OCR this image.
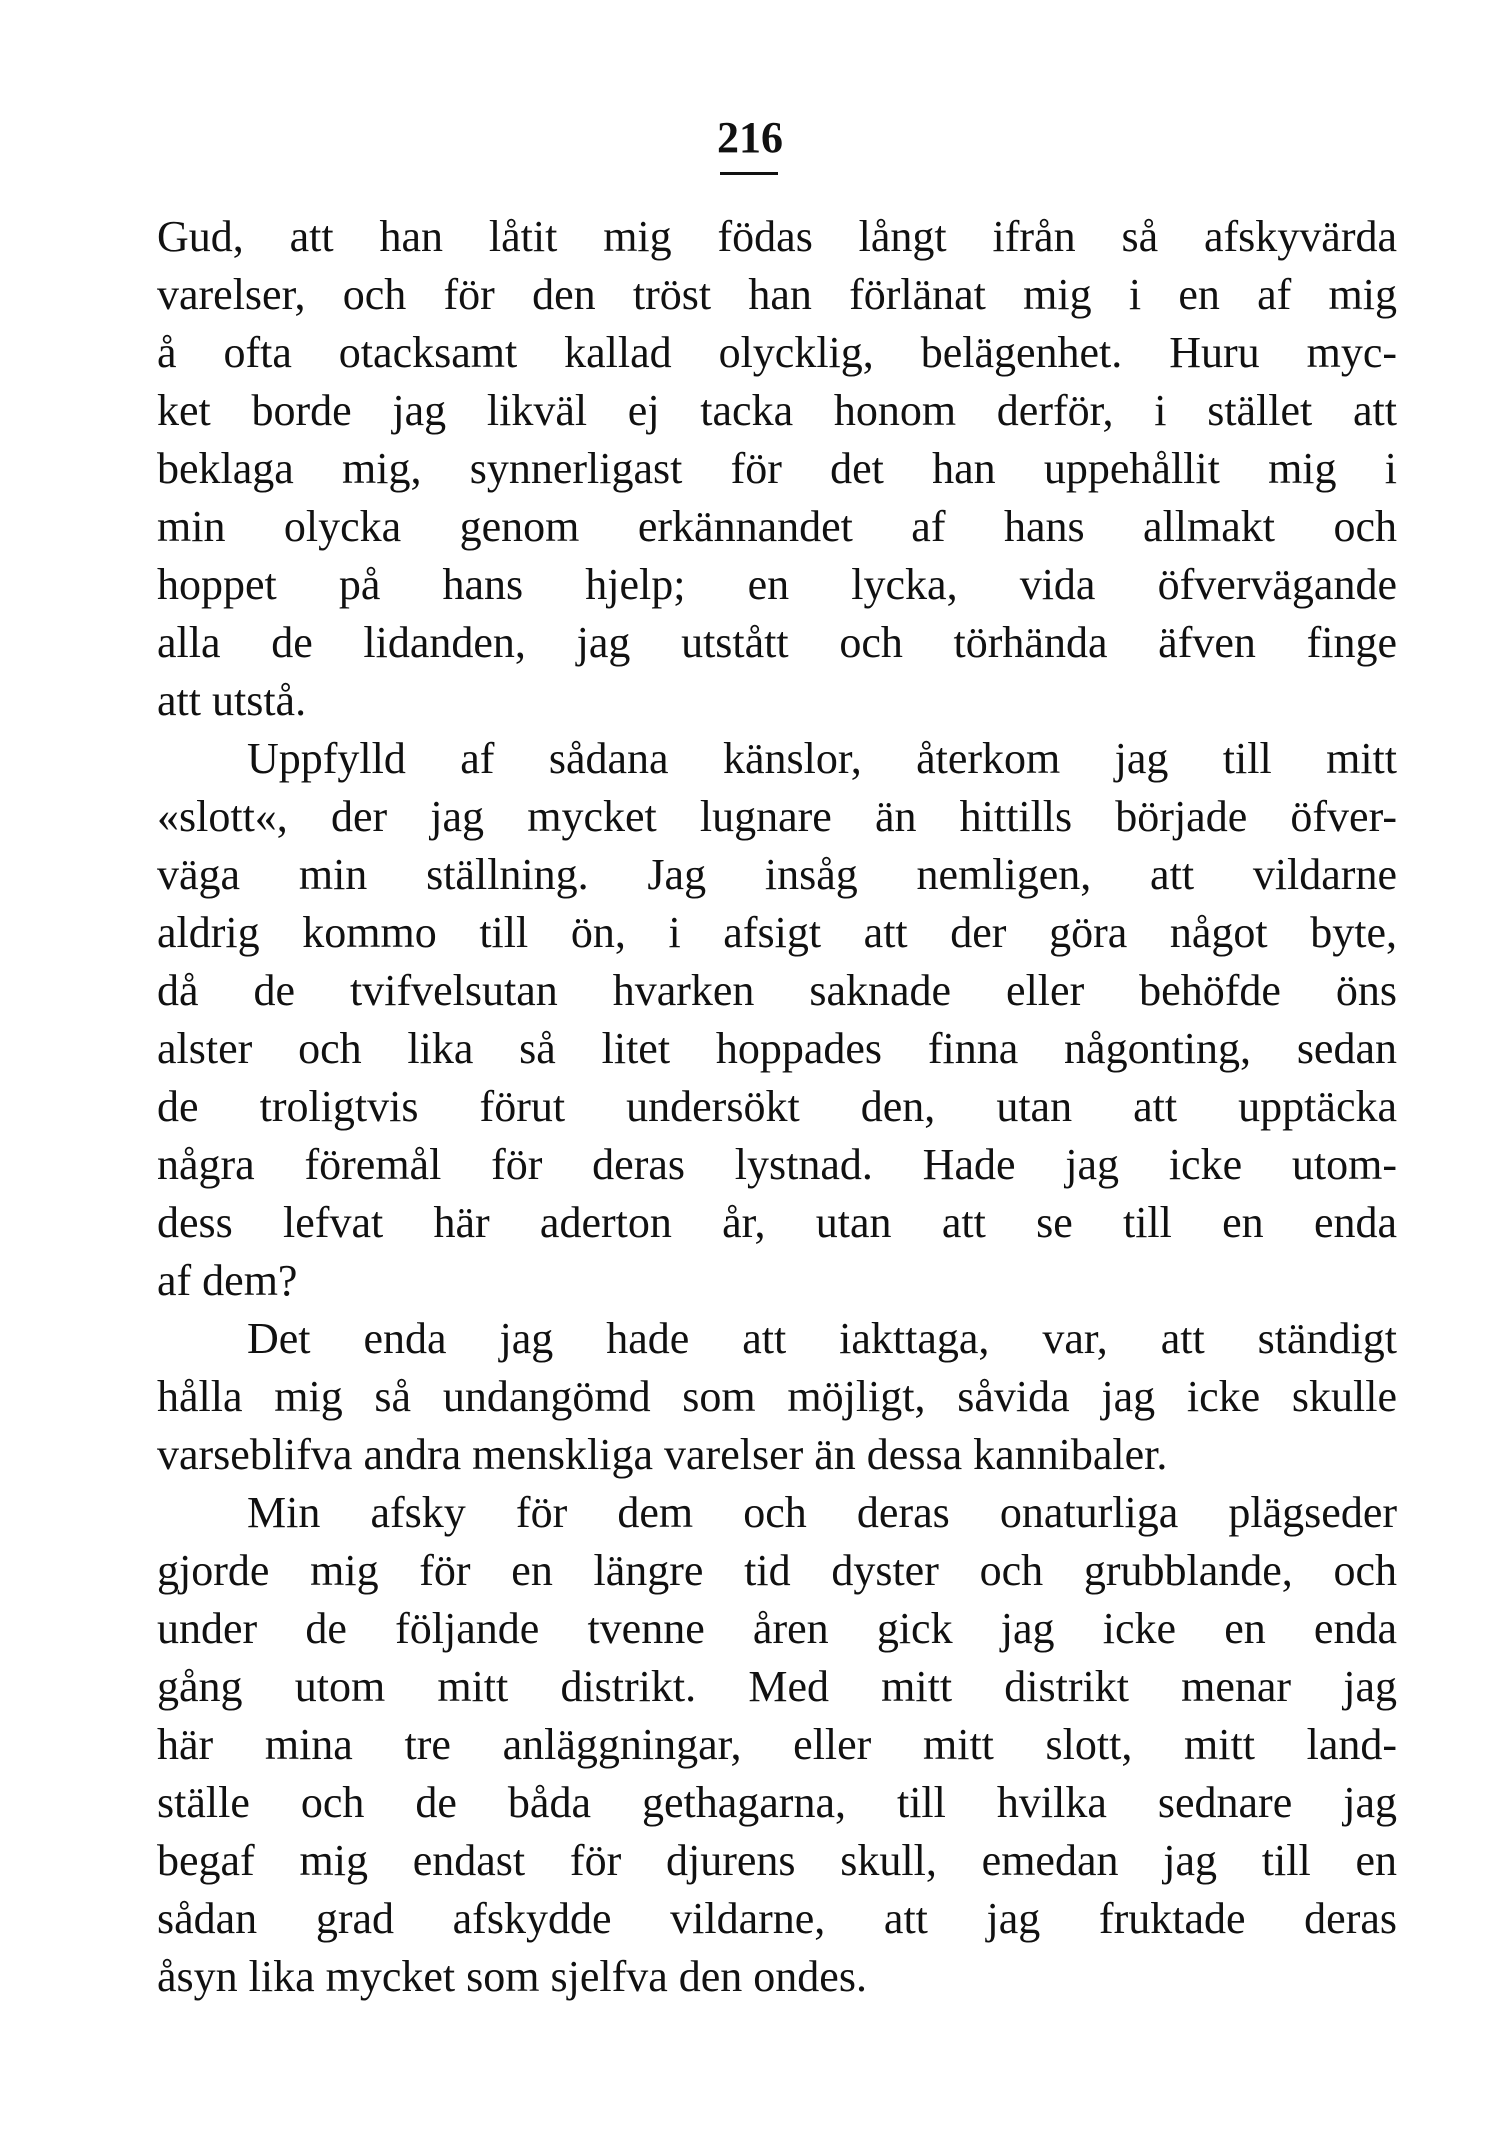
216
Gud, att han låtit mig födas långt ifrån så afskyvärda
varelser, och för den tröst han förlänat mig i en af mig
å ofta otacksamt kallad olycklig, belägenhet. Huru myc-
ket borde jag likväl ej tacka honom derför, i stället att
beklaga mig, synnerligast för det han uppehållit mig i
min olycka genom erkännandet af hans allmakt och
hoppet på hans hjelp; en lycka, vida öfvervägande
alla de lidanden, jag utstått och törhända äfven finge
att utstå.
Uppfylld af sådana känslor, återkom jag till mitt
«slott«, der jag mycket lugnare än hittills började öfver-
väga min ställning. Jag insåg nemligen, att vildarne
aldrig kommo till ön, i afsigt att der göra något byte,
då de tvifvelsutan hvarken saknade eller behöfde öns
alster och lika så litet hoppades finna någonting, sedan
de troligtvis förut undersökt den, utan att upptäcka
några föremål för deras lystnad. Hade jag icke utom-
dess lefvat här aderton år, utan att se till en enda
af dem?
Det enda jag hade att iakttaga, var, att ständigt
hålla mig så undangömd som möjligt, såvida jag icke skulle
varseblifva andra menskliga varelser än dessa kannibaler.
Min afsky för dem och deras onaturliga plägseder
gjorde mig för en längre tid dyster och grubblande, och
under de följande tvenne åren gick jag icke en enda
gång utom mitt distrikt. Med mitt distrikt menar jag
här mina tre anläggningar, eller mitt slott, mitt land-
ställe och de båda gethagarna, till hvilka sednare jag
begaf mig endast för djurens skull, emedan jag till en
sådan grad afskydde vildarne, att jag fruktade deras
åsyn lika mycket som sjelfva den ondes.
